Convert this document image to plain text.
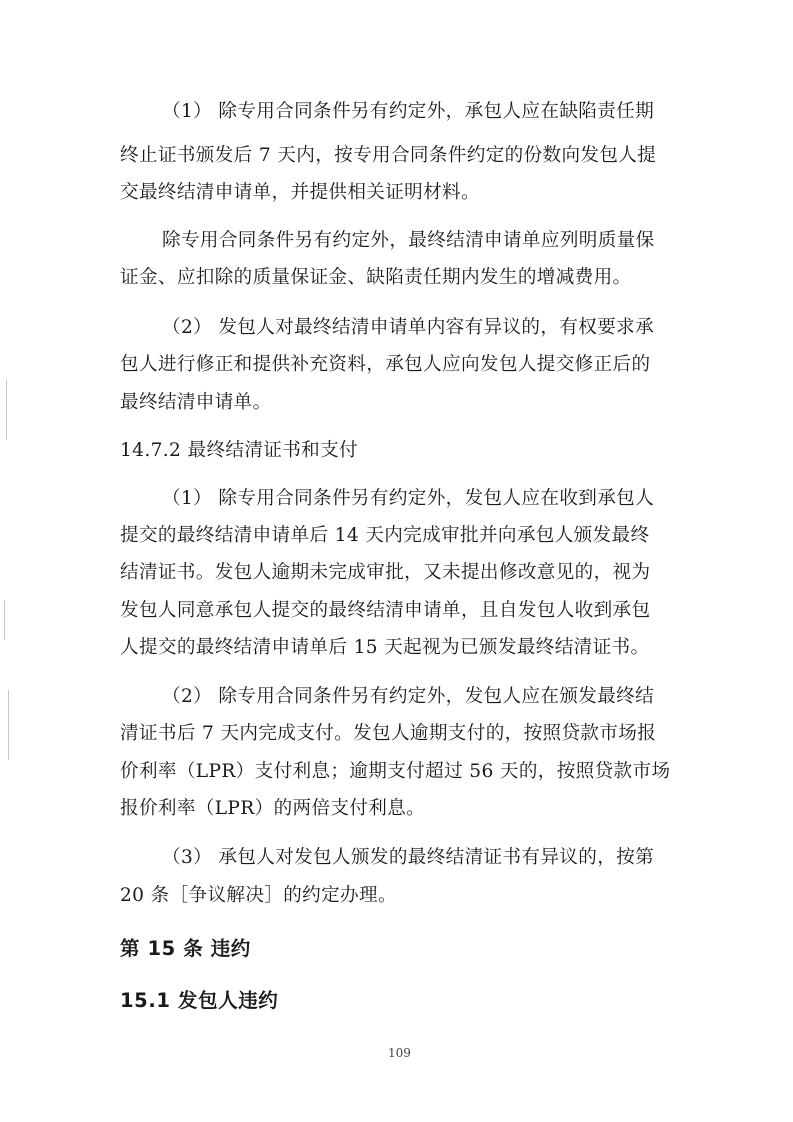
（1） 除专用合同条件另有约定外，承包人应在缺陷责任期
终止证书颁发后 7 天内，按专用合同条件约定的份数向发包人提
交最终结清申请单，并提供相关证明材料。
除专用合同条件另有约定外，最终结清申请单应列明质量保
证金、应扣除的质量保证金、缺陷责任期内发生的增减费用。
（2） 发包人对最终结清申请单内容有异议的，有权要求承
包人进行修正和提供补充资料，承包人应向发包人提交修正后的
最终结清申请单。
14.7.2 最终结清证书和支付
（1） 除专用合同条件另有约定外，发包人应在收到承包人
提交的最终结清申请单后 14 天内完成审批并向承包人颁发最终
结清证书。发包人逾期未完成审批，又未提出修改意见的，视为
发包人同意承包人提交的最终结清申请单，且自发包人收到承包
人提交的最终结清申请单后 15 天起视为已颁发最终结清证书。
（2） 除专用合同条件另有约定外，发包人应在颁发最终结
清证书后 7 天内完成支付。发包人逾期支付的，按照贷款市场报
价利率（LPR）支付利息；逾期支付超过 56 天的，按照贷款市场
报价利率（LPR）的两倍支付利息。
（3） 承包人对发包人颁发的最终结清证书有异议的，按第
20 条［争议解决］的约定办理。
第 15 条 违约
15.1 发包人违约
109
